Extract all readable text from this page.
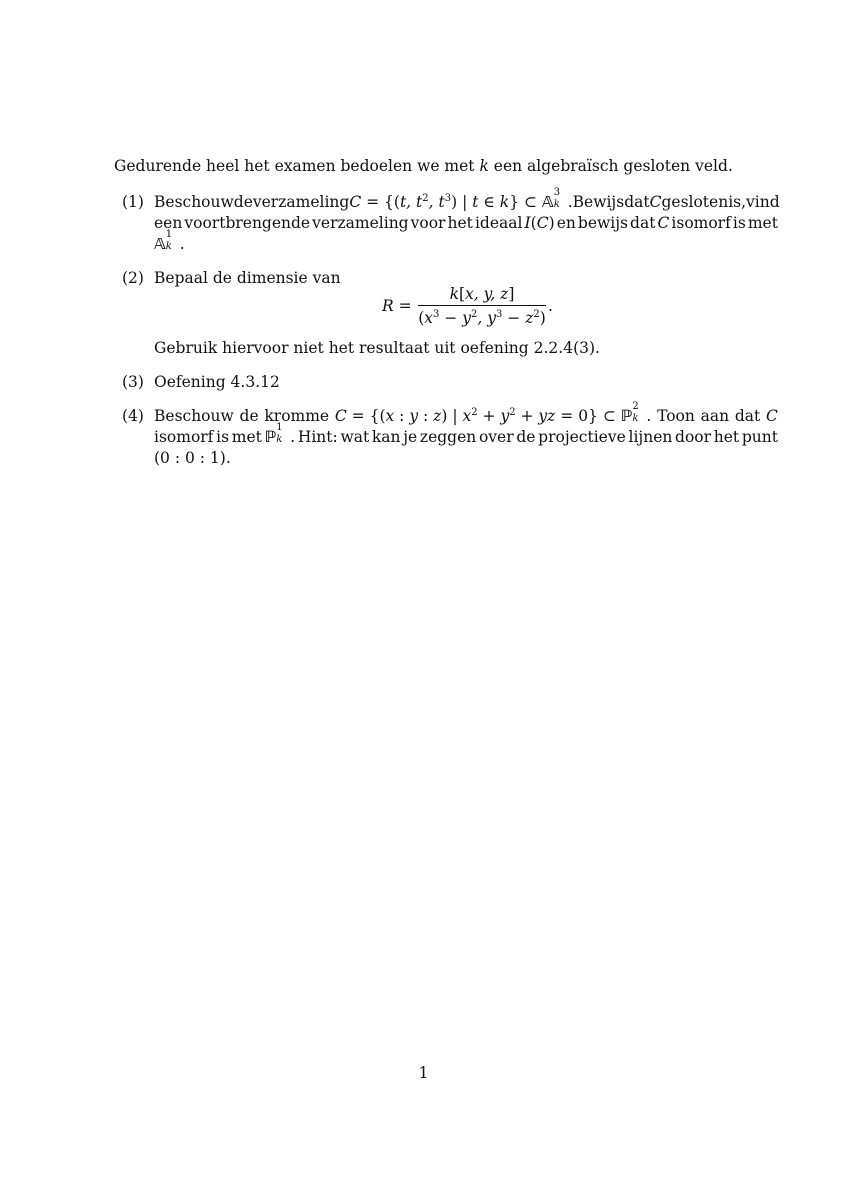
Gedurende heel het examen bedoelen we met k een algebraïsch gesloten veld.
(1) Beschouw de verzameling C = {(t, $t^2$, $t^3$) | t ∈ k} ⊂ 𝔸
3
k . Bewijs dat C gesloten is, vind
een voortbrengende verzameling voor het ideaal I(C) en bewijs dat C isomorf is met
𝔸
1
k .
(2) Bepaal de dimensie van
R =
k[x, y, z]
($x^3 - y^2$, $y^3 - z^2$)
.
Gebruik hiervoor niet het resultaat uit oefening 2.2.4(3).
(3) Oefening 4.3.12
(4) Beschouw de kromme C = {(x : y : z) | $x^2 + y^2$ + yz = 0} ⊂ ℙ
2
k . Toon aan dat C
isomorf is met ℙ
1
k . Hint: wat kan je zeggen over de projectieve lijnen door het punt
(0 : 0 : 1).
1
